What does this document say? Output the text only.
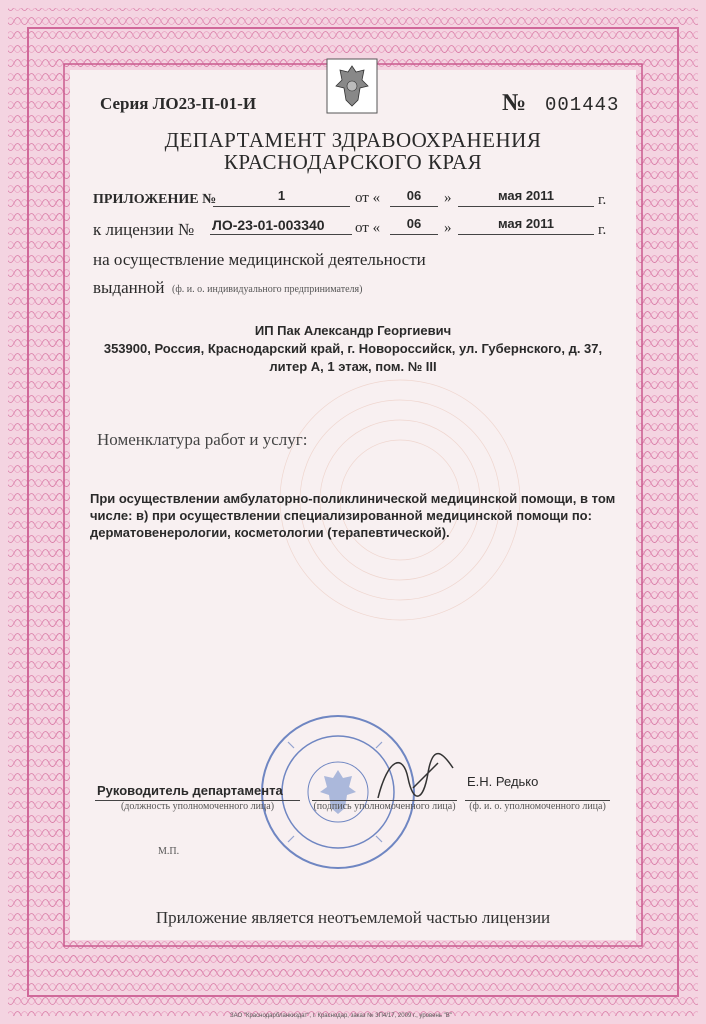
Серия ЛО23-П-01-И	№ 001443
ДЕПАРТАМЕНТ ЗДРАВООХРАНЕНИЯ
КРАСНОДАРСКОГО КРАЯ
ПРИЛОЖЕНИЕ №	1	от «	06	»	мая 2011	г.
к лицензии № ЛО-23-01-003340 от «	06	»	мая 2011	г.
на осуществление медицинской деятельности
выданной (ф. и. о. индивидуального предпринимателя)
ИП Пак Александр Георгиевич
353900, Россия, Краснодарский край, г. Новороссийск, ул. Губернского, д. 37,
литер А, 1 этаж, пом. № III
Номенклатура работ и услуг:
При осуществлении амбулаторно-поликлинической медицинской помощи, в том
числе: в) при осуществлении специализированной медицинской помощи по:
дерматовенерологии, косметологии (терапевтической).
Руководитель департамента
(должность уполномоченного лица)	(подпись уполномоченного лица)
Е.Н. Редько
(ф. и. о. уполномоченного лица)
М.П.
Приложение является неотъемлемой частью лицензии
ЗАО "Краснодарбланкиздат", г. Краснодар, заказ № 3П4/17, 2009 г., уровень "В"
